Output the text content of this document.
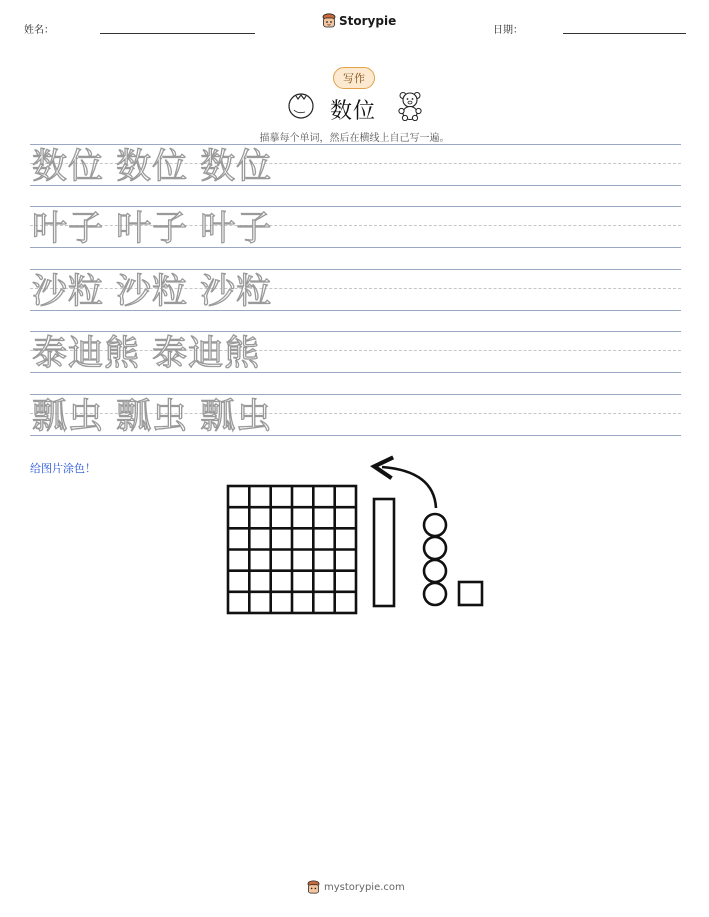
姓名：
Storypie
日期：
写作
数位
描摹每个单词，然后在横线上自己写一遍。
数位 数位 数位
叶子 叶子 叶子
沙粒 沙粒 沙粒
泰迪熊 泰迪熊
瓢虫 瓢虫 瓢虫
给图片涂色！
mystorypie.com
